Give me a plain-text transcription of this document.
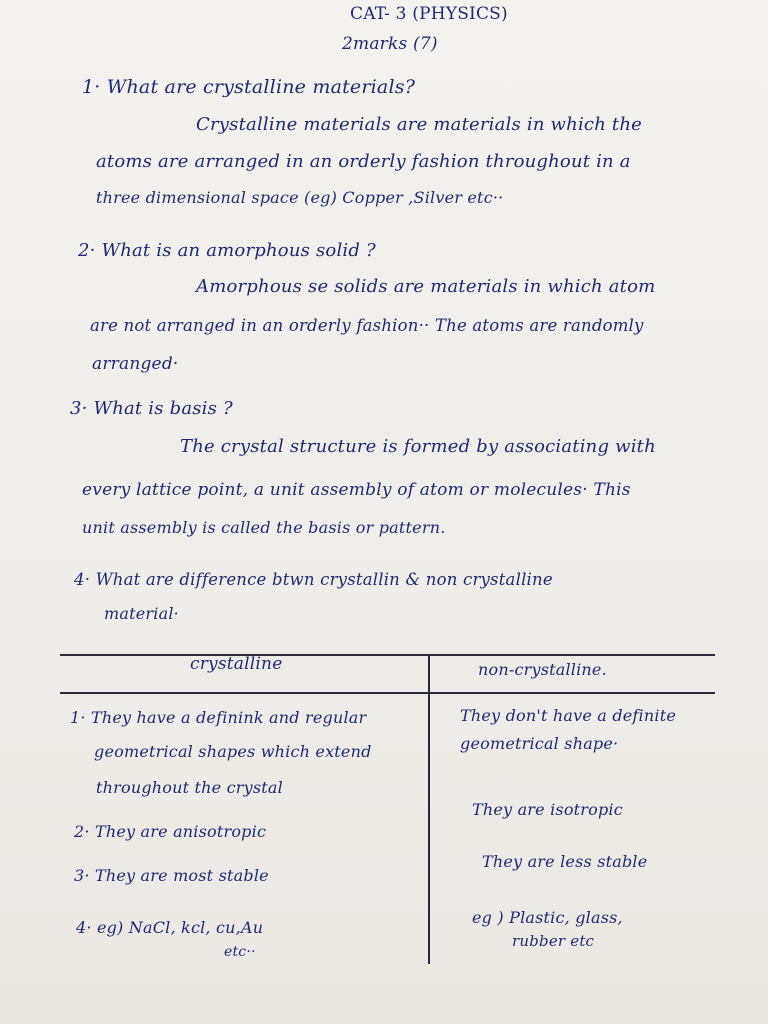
CAT- 3 (PHYSICS)
2marks (7)
1· What are crystalline materials?
Crystalline materials are materials in which the
atoms are arranged in an orderly fashion throughout in a
three dimensional space (eg) Copper ,Silver etc··
2· What is an amorphous solid ?
Amorphous se solids are materials in which atom
are not arranged in an orderly fashion·· The atoms are randomly
arranged·
3· What is basis ?
The crystal structure is formed by associating with
every lattice point, a unit assembly of atom or molecules· This
unit assembly is called the basis or pattern.
4· What are difference btwn crystallin & non crystalline
material·
crystalline	non-crystalline.
1· They have a definink and regular
geometrical shapes which extend
throughout the crystal
2· They are anisotropic
3· They are most stable
4· eg) NaCl, kcl, cu,Au
etc··
They don't have a definite
geometrical shape·
They are isotropic
They are less stable
eg ) Plastic, glass,
rubber etc
